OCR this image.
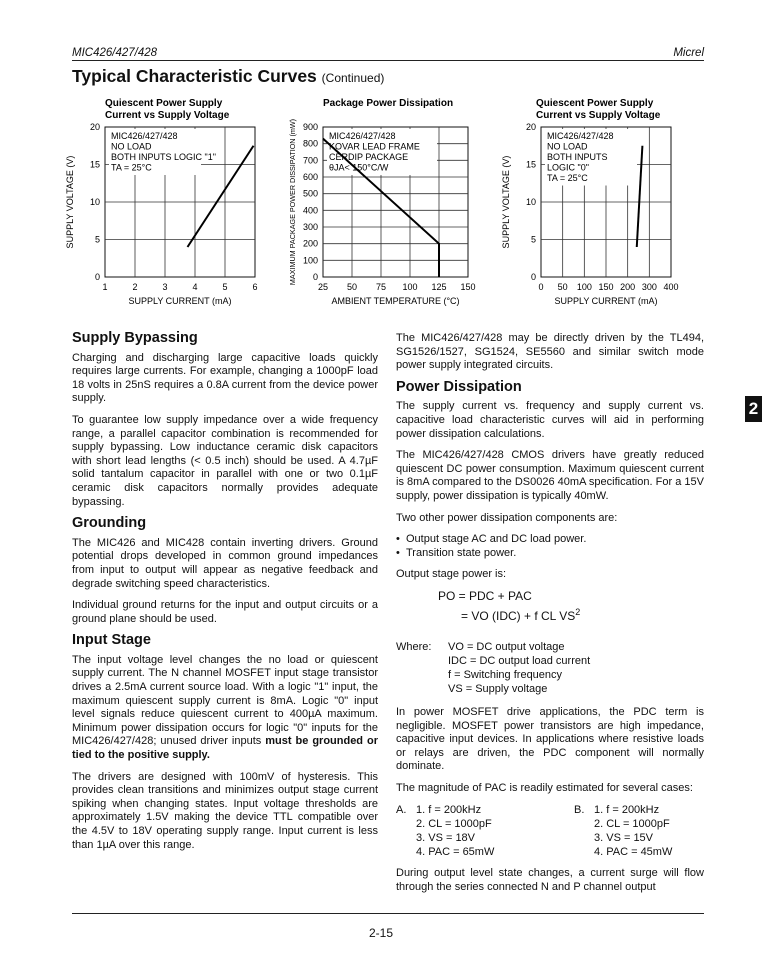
MIC426/427/428	Micrel
Typical Characteristic Curves (Continued)
Quiescent Power Supply
Current vs Supply Voltage
1	2	3	4	5	6
0
5
10
15
20
SUPPLY CURRENT (mA)
SUPPLY VOLTAGE (V)
MIC426/427/428
NO LOAD
BOTH INPUTS LOGIC "1"
TA = 25°C
Package Power Dissipation
25 50 75 100 125 150
0
100
200
300
400
500
600
700
800
900
AMBIENT TEMPERATURE (°C)
MAXIMUM PACKAGE POWER DISSIPATION (mW)	MIC426/427/428
KOVAR LEAD FRAME
CERDIP PACKAGE
θJA< 150°C/W
Quiescent Power Supply
Current vs Supply Voltage
0 50 100 150 200 300 400
0
5
10
15
20
SUPPLY CURRENT (mA)
SUPPLY VOLTAGE (V)
MIC426/427/428
NO LOAD
BOTH INPUTS
LOGIC "0"
TA = 25°C
Supply Bypassing

Charging and discharging large capacitive loads quickly requires large currents. For example, changing a 1000pF load 18 volts in 25nS requires a 0.8A current from the device power supply.

To guarantee low supply impedance over a wide frequency range, a parallel capacitor combination is recommended for supply bypassing. Low inductance ceramic disk capacitors with short lead lengths (< 0.5 inch) should be used. A 4.7µF solid tantalum capacitor in parallel with one or two 0.1µF ceramic disk capacitors normally provides adequate bypassing.

Grounding

The MIC426 and MIC428 contain inverting drivers. Ground potential drops developed in common ground impedances from input to output will appear as negative feedback and degrade switching speed characteristics.

Individual ground returns for the input and output circuits or a ground plane should be used.

Input Stage

The input voltage level changes the no load or quiescent supply current. The N channel MOSFET input stage transistor drives a 2.5mA current source load. With a logic "1" input, the maximum quiescent supply current is 8mA. Logic "0" input level signals reduce quiescent current to 400µA maximum. Minimum power dissipation occurs for logic "0" inputs for the MIC426/427/428; unused driver inputs must be grounded or tied to the positive supply.

The drivers are designed with 100mV of hysteresis. This provides clean transitions and minimizes output stage current spiking when changing states. Input voltage thresholds are approximately 1.5V making the device TTL compatible over the 4.5V to 18V operating supply range. Input current is less than 1µA over this range.

The MIC426/427/428 may be directly driven by the TL494, SG1526/1527, SG1524, SE5560 and similar switch mode power supply integrated circuits.

Power Dissipation

The supply current vs. frequency and supply current vs. capacitive load characteristic curves will aid in performing power dissipation calculations.

The MIC426/427/428 CMOS drivers have greatly reduced quiescent DC power consumption. Maximum quiescent current is 8mA compared to the DS0026 40mA specification. For a 15V supply, power dissipation is typically 40mW.

Two other power dissipation components are:

• Output stage AC and DC load power.
• Transition state power.

Output stage power is:

PO = PDC + PAC
= VO (IDC) + f CL $VS^2$
Where:	VO = DC output voltage
IDC = DC output load current
f = Switching frequency
VS = Supply voltage

In power MOSFET drive applications, the PDC term is negligible. MOSFET power transistors are high impedance, capacitive input devices. In applications where resistive loads or relays are driven, the PDC component will normally dominate.

The magnitude of PAC is readily estimated for several cases:

A. 1. f = 200kHz
2. CL = 1000pF
3. VS = 18V
4. PAC = 65mW
B. 1. f = 200kHz
2. CL = 1000pF
3. VS = 15V
4. PAC = 45mW

During output level state changes, a current surge will flow through the series connected N and P channel output

2
2-15
